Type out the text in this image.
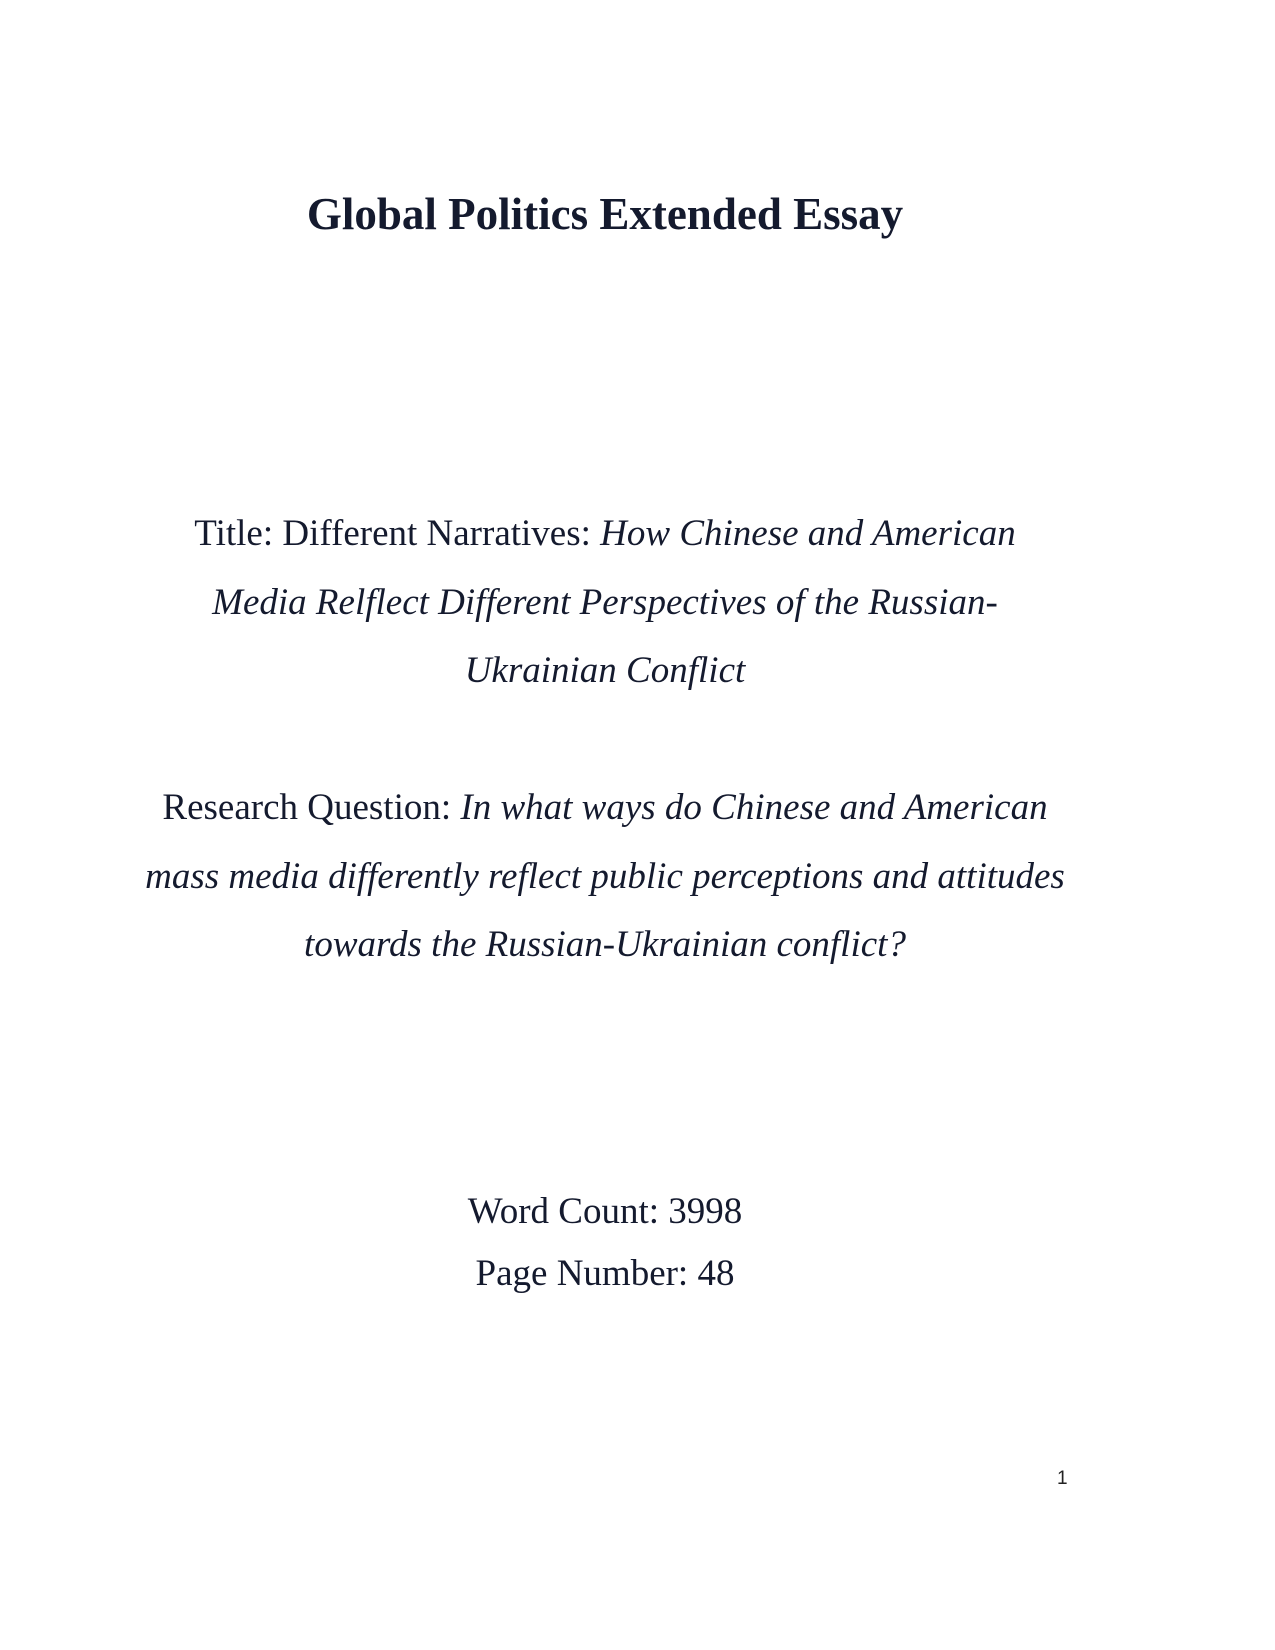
Global Politics Extended Essay
Title: Different Narratives: How Chinese and American Media Relflect Different Perspectives of the Russian-Ukrainian Conflict
Research Question: In what ways do Chinese and American mass media differently reflect public perceptions and attitudes towards the Russian-Ukrainian conflict?
Word Count: 3998
Page Number: 48
1
